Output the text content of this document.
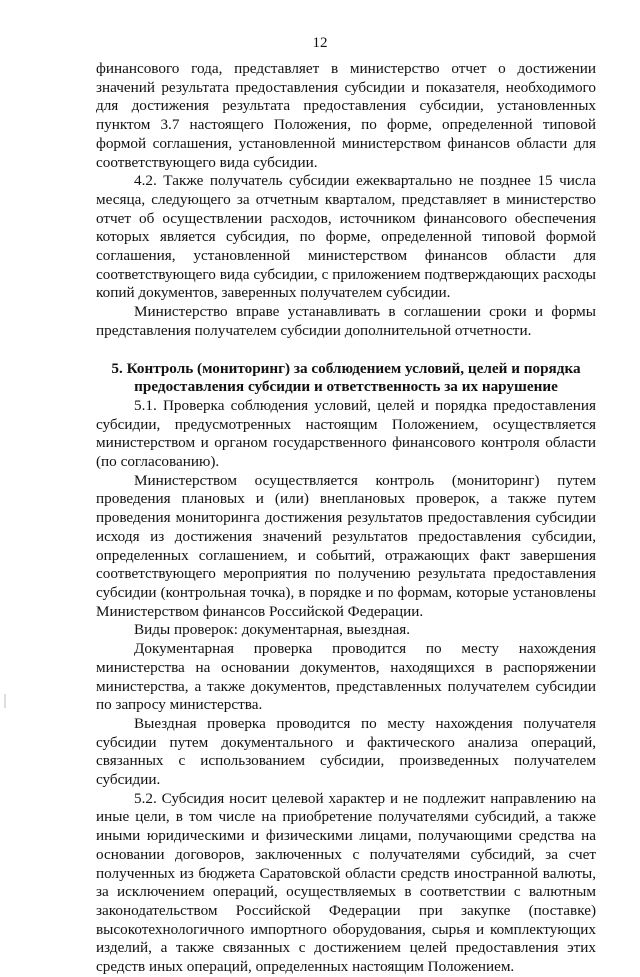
12

финансового года, представляет в министерство отчет о достижении значений результата предоставления субсидии и показателя, необходимого для достижения результата предоставления субсидии, установленных пунктом 3.7 настоящего Положения, по форме, определенной типовой формой соглашения, установленной министерством финансов области для соответствующего вида субсидии.

4.2. Также получатель субсидии ежеквартально не позднее 15 числа месяца, следующего за отчетным кварталом, представляет в министерство отчет об осуществлении расходов, источником финансового обеспечения которых является субсидия, по форме, определенной типовой формой соглашения, установленной министерством финансов области для соответствующего вида субсидии, с приложением подтверждающих расходы копий документов, заверенных получателем субсидии.

Министерство вправе устанавливать в соглашении сроки и формы представления получателем субсидии дополнительной отчетности.

5. Контроль (мониторинг) за соблюдением условий, целей и порядка предоставления субсидии и ответственность за их нарушение

5.1. Проверка соблюдения условий, целей и порядка предоставления субсидии, предусмотренных настоящим Положением, осуществляется министерством и органом государственного финансового контроля области (по согласованию).

Министерством осуществляется контроль (мониторинг) путем проведения плановых и (или) внеплановых проверок, а также путем проведения мониторинга достижения результатов предоставления субсидии исходя из достижения значений результатов предоставления субсидии, определенных соглашением, и событий, отражающих факт завершения соответствующего мероприятия по получению результата предоставления субсидии (контрольная точка), в порядке и по формам, которые установлены Министерством финансов Российской Федерации.

Виды проверок: документарная, выездная.

Документарная проверка проводится по месту нахождения министерства на основании документов, находящихся в распоряжении министерства, а также документов, представленных получателем субсидии по запросу министерства.

Выездная проверка проводится по месту нахождения получателя субсидии путем документального и фактического анализа операций, связанных с использованием субсидии, произведенных получателем субсидии.

5.2. Субсидия носит целевой характер и не подлежит направлению на иные цели, в том числе на приобретение получателями субсидий, а также иными юридическими и физическими лицами, получающими средства на основании договоров, заключенных с получателями субсидий, за счет полученных из бюджета Саратовской области средств иностранной валюты, за исключением операций, осуществляемых в соответствии с валютным законодательством Российской Федерации при закупке (поставке) высокотехнологичного импортного оборудования, сырья и комплектующих изделий, а также связанных с достижением целей предоставления этих средств иных операций, определенных настоящим Положением.
